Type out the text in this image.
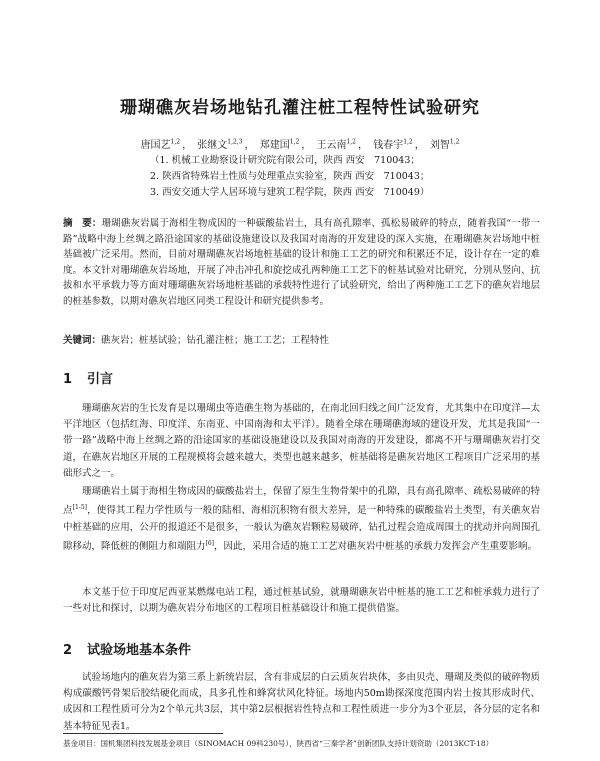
珊瑚礁灰岩场地钻孔灌注桩工程特性试验研究
唐国艺$^{1,2}$ ， 张继文$^{1,2,3}$ ， 郑建国$^{1,2}$ ， 王云南$^{1,2}$ ， 钱春宇$^{1,2}$ ， 刘智$^{1,2}$
（1. 机械工业勘察设计研究院有限公司，陕西 西安　710043；
2. 陕西省特殊岩土性质与处理重点实验室，陕西 西安　710043；
3. 西安交通大学人居环境与建筑工程学院，陕西 西安　710049）
摘　要：珊瑚礁灰岩属于海相生物成因的一种碳酸盐岩土，具有高孔隙率、孤松易破碎的特点，随着我国“一带一路”战略中海上丝绸之路沿途国家的基础设施建设以及我国对南海的开发建设的深入实施，在珊瑚礁灰岩场地中桩基础被广泛采用。然而，目前对珊瑚礁灰岩场地桩基础的设计和施工工艺的研究和积累还不足，设计存在一定的难度。本文针对珊瑚礁灰岩场地，开展了冲击冲孔和旋挖成孔两种施工工艺下的桩基试验对比研究，分别从竖向、抗拔和水平承载力等方面对珊瑚礁灰岩场地桩基础的承载特性进行了试验研究，给出了两种施工工艺下的礁灰岩地层的桩基参数，以期对礁灰岩地区同类工程设计和研究提供参考。
关键词：礁灰岩；桩基试验；钻孔灌注桩；施工工艺；工程特性
1 引言
珊瑚礁灰岩的生长发育是以珊瑚虫等造礁生物为基础的，在南北回归线之间广泛发育，尤其集中在印度洋—太平洋地区（包括红海、印度洋、东南亚、中国南海和太平洋）。随着全球在珊瑚礁海域的建设开发，尤其是我国“一带一路”战略中海上丝绸之路的沿途国家的基础设施建设以及我国对南海的开发建设，都离不开与珊瑚礁灰岩打交道，在礁灰岩地区开展的工程规模将会越来越大，类型也越来越多，桩基础将是礁灰岩地区工程项目广泛采用的基础形式之一。
珊瑚礁岩土属于海相生物成因的碳酸盐岩土，保留了原生生物骨架中的孔隙，具有高孔隙率、疏松易破碎的特点[1-5]，使得其工程力学性质与一般的陆相、海相沉积物有很大差异，是一种特殊的碳酸盐岩土类型，有关礁灰岩中桩基础的应用，公开的报道还不是很多，一般认为礁灰岩颗粒易破碎，钻孔过程会造成周围土的扰动并向周围孔隙移动，降低桩的侧阻力和端阻力[6]，因此，采用合适的施工工艺对礁灰岩中桩基的承载力发挥会产生重要影响。
本文基于位于印度尼西亚某燃煤电站工程，通过桩基试验，就珊瑚礁灰岩中桩基的施工工艺和桩承载力进行了一些对比和探讨，以期为礁灰岩分布地区的工程项目桩基础设计和施工提供借鉴。
2 试验场地基本条件
试验场地内的礁灰岩为第三系上新统岩层，含有非成层的白云质灰岩块体，多由贝壳、珊瑚及类似的破碎物质构成碳酸钙骨架后胶结硬化而成，具多孔性和蜂窝状风化特征。场地内50m勘探深度范围内岩土按其形成时代、成因和工程性质可分为2个单元共3层，其中第2层根据岩性特点和工程性质进一步分为3个亚层，各分层的定名和基本特征见表1。
基金项目：国机集团科技发展基金项目（SINOMACH 09科230号），陕西省“三秦学者”创新团队支持计划资助（2013KCT-18）
